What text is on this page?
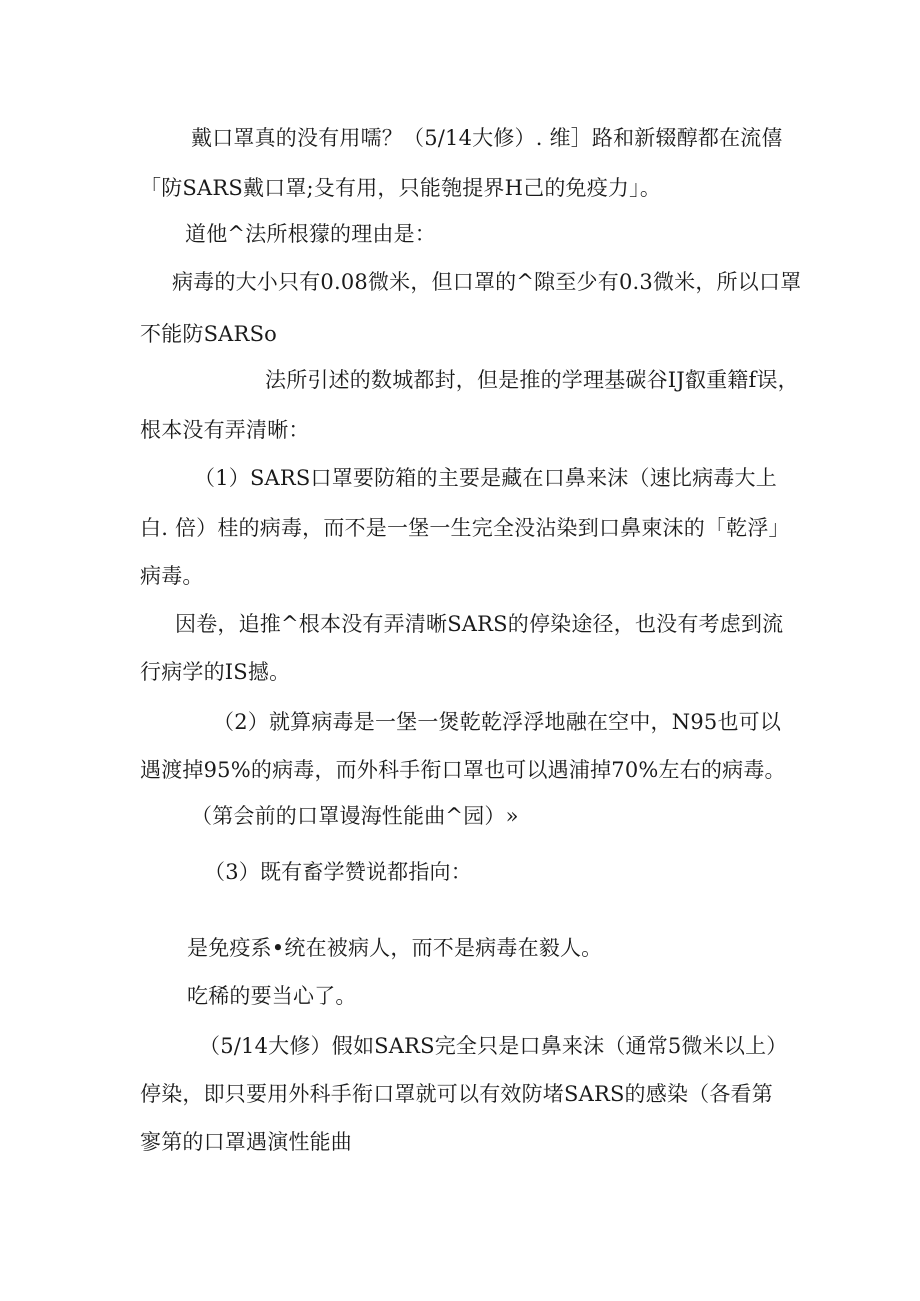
戴口罩真的没有用嚅？（5/14大修）. 维］路和新辍醇都在流僖
「防SARS戴口罩;殳有用，只能匏提界H己的免疫力」。
道他^法所根獴的理由是：
病毒的大小只有0.08微米，但口罩的^隙至少有0.3微米，所以口罩
不能防SARSo
法所引述的数城都封，但是推的学理基碳谷IJ叡重籍f误，
根本没有弄清晰：
（1）SARS口罩要防箱的主要是藏在口鼻来沫（速比病毒大上
白. 倍）桂的病毒，而不是一堡一生完全没沾染到口鼻柬沫的「乾浮」
病毒。
因卷，追推^根本没有弄清晰SARS的停染途径，也没有考虑到流
行病学的IS撼。
（2）就算病毒是一堡一煲乾乾浮浮地融在空中，N95也可以
遇渡掉95%的病毒，而外科手衔口罩也可以遇浦掉70%左右的病毒。
（第会前的口罩谩海性能曲^园）»
（3）既有畜学赞说都指向：
是免疫系•统在被病人，而不是病毒在毅人。
吃稀的要当心了。
（5/14大修）假如SARS完全只是口鼻来沫（通常5微米以上）
停染，即只要用外科手衔口罩就可以有效防堵SARS的感染（各看第
寥第的口罩遇演性能曲
